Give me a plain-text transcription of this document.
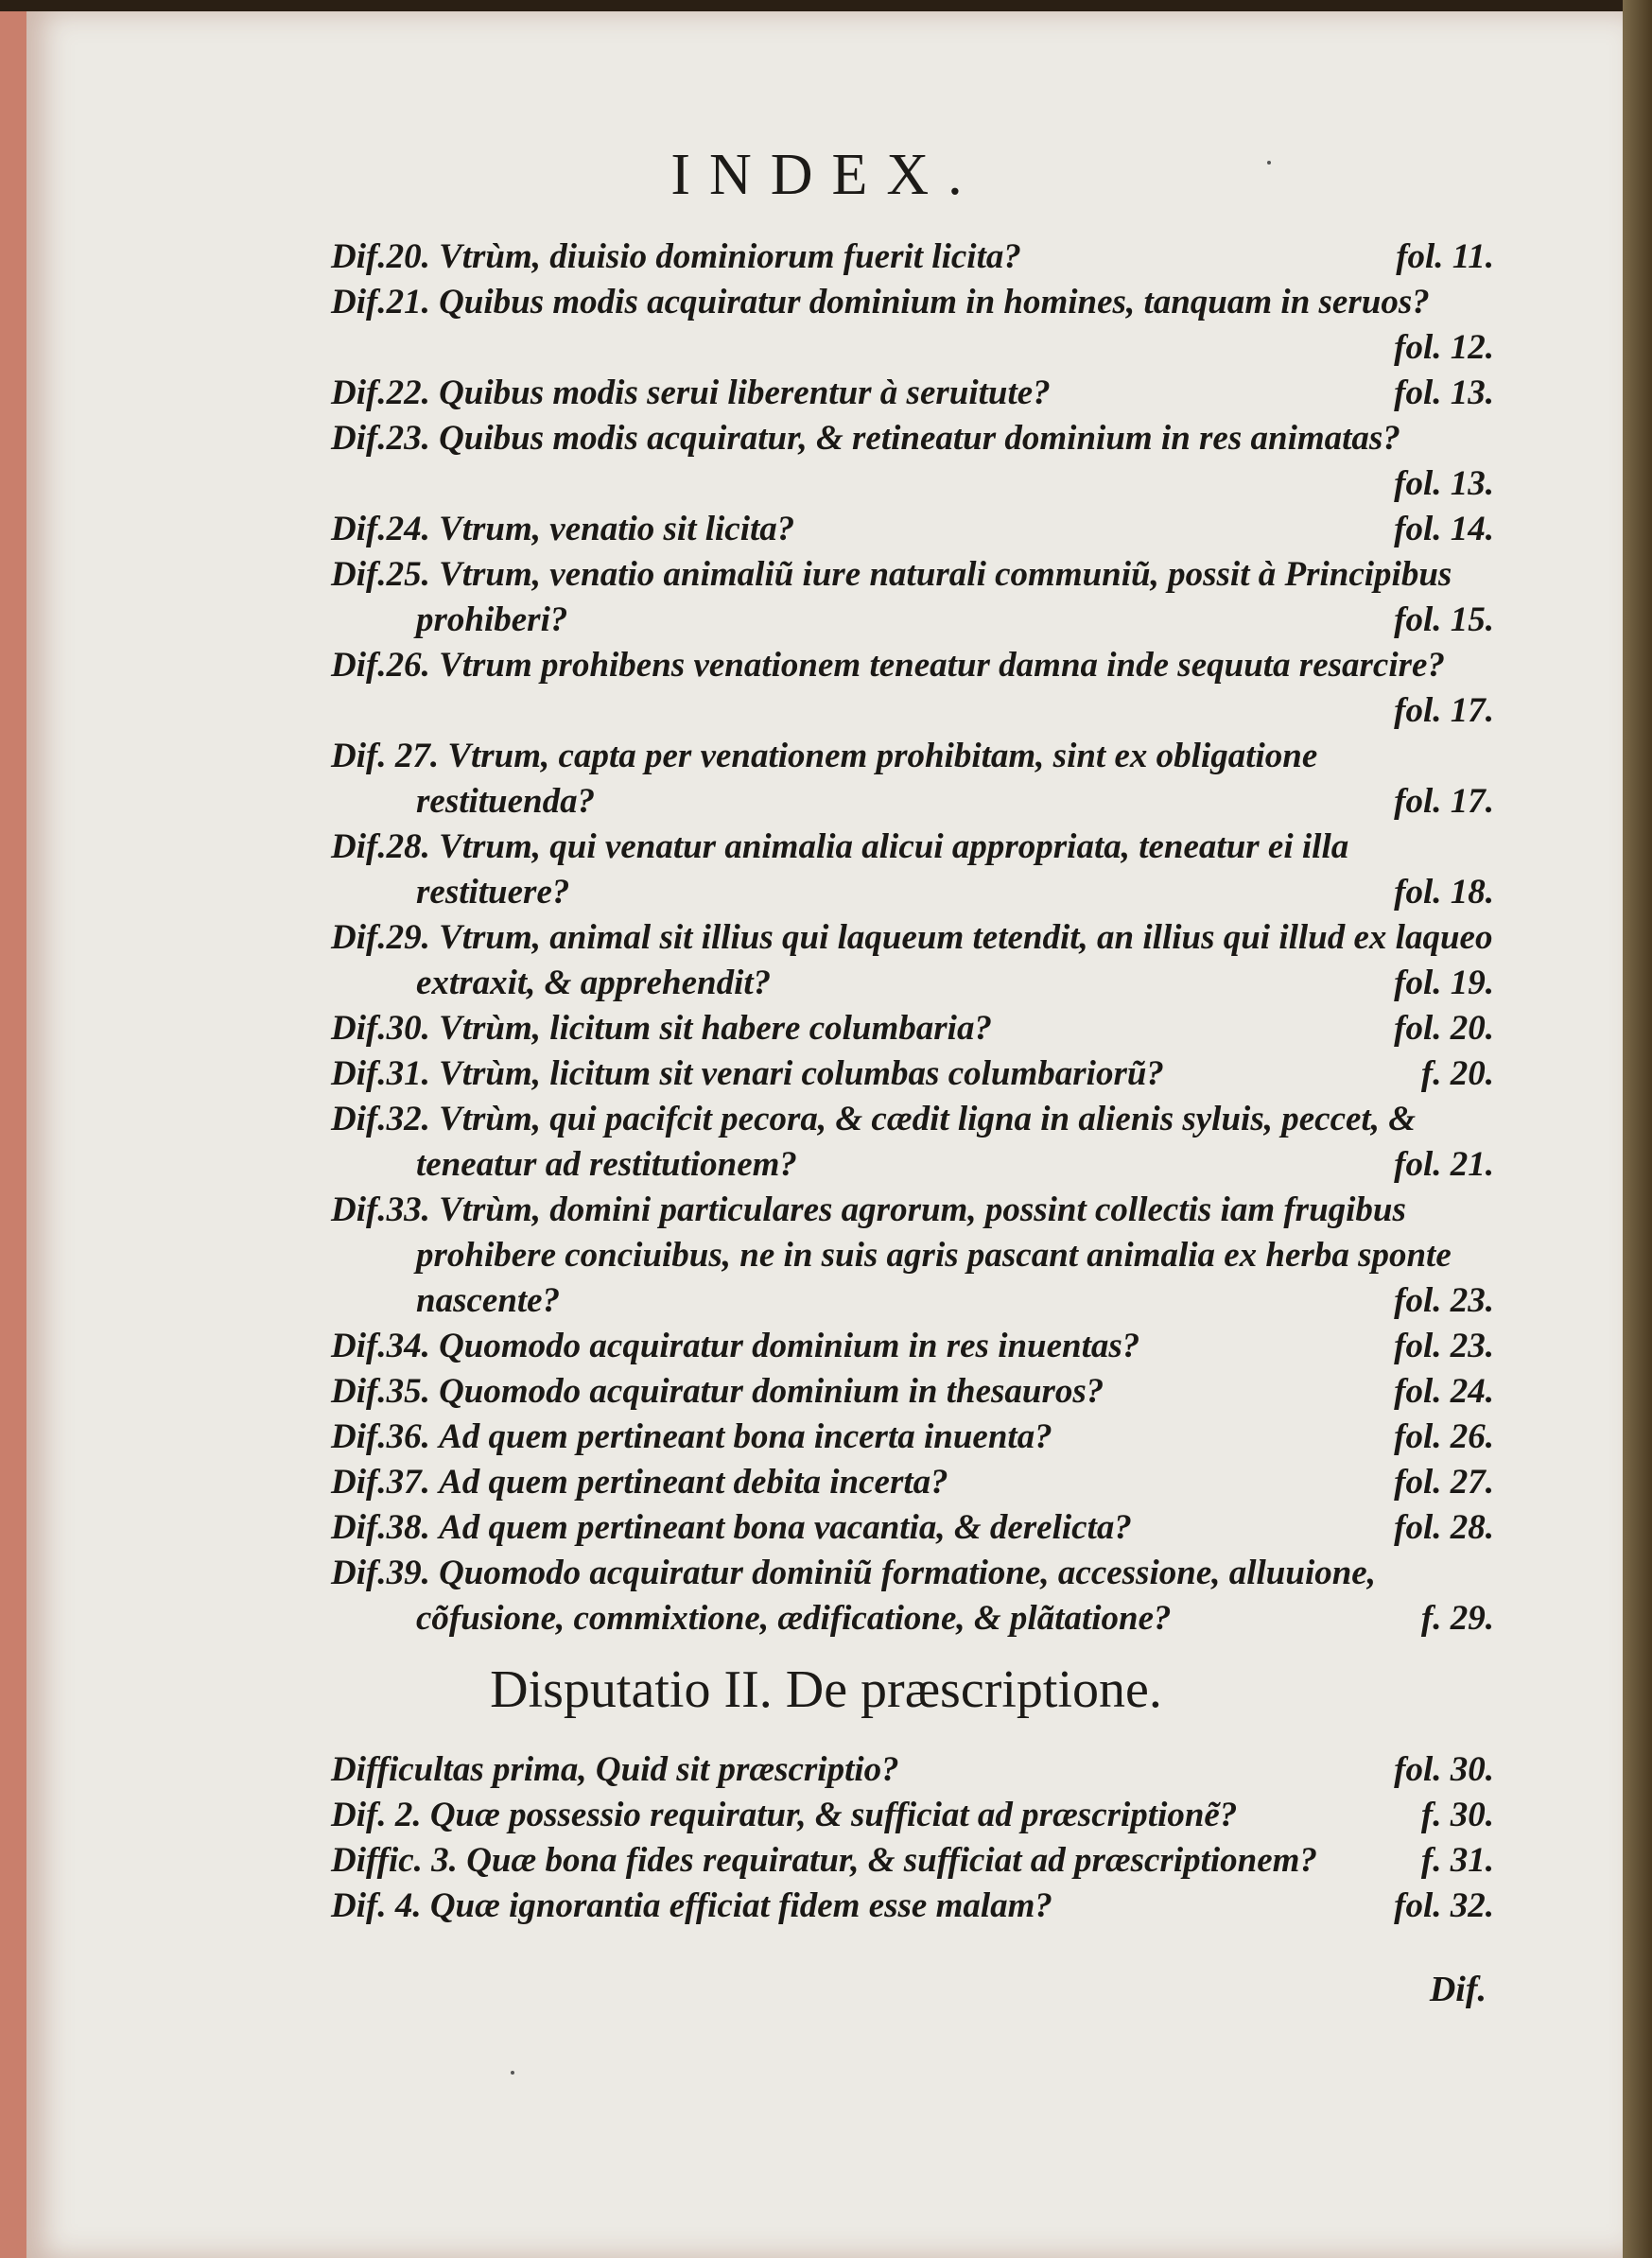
INDEX.
Dif.20. Vtrùm, diuisio dominiorum fuerit licita?	fol. 11.
Dif.21. Quibus modis acquiratur dominium in homines, tanquam in seruos?
fol. 12.
Dif.22. Quibus modis serui liberentur à seruitute?	fol. 13.
Dif.23. Quibus modis acquiratur, & retineatur dominium in res animatas?
fol. 13.
Dif.24. Vtrum, venatio sit licita?	fol. 14.
Dif.25. Vtrum, venatio animaliũ iure naturali communiũ, possit à Principibus prohiberi?	fol. 15.
Dif.26. Vtrum prohibens venationem teneatur damna inde sequuta resarcire?
fol. 17.
Dif. 27. Vtrum, capta per venationem prohibitam, sint ex obligatione restituenda?	fol. 17.
Dif.28. Vtrum, qui venatur animalia alicui appropriata, teneatur ei illa restituere?	fol. 18.
Dif.29. Vtrum, animal sit illius qui laqueum tetendit, an illius qui illud ex laqueo extraxit, & apprehendit?	fol. 19.
Dif.30. Vtrùm, licitum sit habere columbaria?	fol. 20.
Dif.31. Vtrùm, licitum sit venari columbas columbariorũ?	f. 20.
Dif.32. Vtrùm, qui pacifcit pecora, & cædit ligna in alienis syluis, peccet, & teneatur ad restitutionem?	fol. 21.
Dif.33. Vtrùm, domini particulares agrorum, possint collectis iam frugibus prohibere conciuibus, ne in suis agris pascant animalia ex herba sponte nascente?	fol. 23.
Dif.34. Quomodo acquiratur dominium in res inuentas?	fol. 23.
Dif.35. Quomodo acquiratur dominium in thesauros?	fol. 24.
Dif.36. Ad quem pertineant bona incerta inuenta?	fol. 26.
Dif.37. Ad quem pertineant debita incerta?	fol. 27.
Dif.38. Ad quem pertineant bona vacantia, & derelicta?	fol. 28.
Dif.39. Quomodo acquiratur dominiũ formatione, accessione, alluuione, cõfusione, commixtione, ædificatione, & plãtatione?	f. 29.
Disputatio II. De præscriptione.
Difficultas prima, Quid sit præscriptio?	fol. 30.
Dif. 2. Quæ possessio requiratur, & sufficiat ad præscriptionẽ?	f. 30.
Diffic. 3. Quæ bona fides requiratur, & sufficiat ad præscriptionem?	f. 31.
Dif. 4. Quæ ignorantia efficiat fidem esse malam?	fol. 32.
Dif.
